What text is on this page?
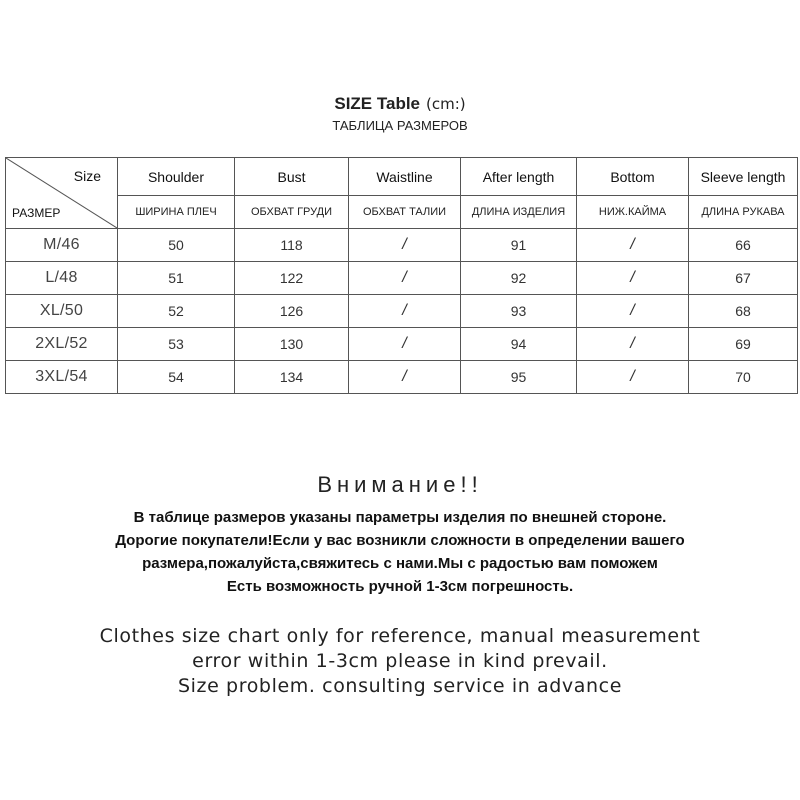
SIZE Table (cm:)
ТАБЛИЦА РАЗМЕРОВ
Size
РАЗМЕР	Shoulder	Bust	Waistline	After length	Bottom	Sleeve length
	ШИРИНА ПЛЕЧ	ОБХВАТ ГРУДИ	ОБХВАТ ТАЛИИ	ДЛИНА ИЗДЕЛИЯ	НИЖ.КАЙМА	ДЛИНА РУКАВА
M/46	50	118	/	91	/	66
L/48	51	122	/	92	/	67
XL/50	52	126	/	93	/	68
2XL/52	53	130	/	94	/	69
3XL/54	54	134	/	95	/	70
Внимание!!
В таблице размеров указаны параметры изделия по внешней стороне.
Дорогие покупатели!Если у вас возникли сложности в определении вашего
размера,пожалуйста,свяжитесь с нами.Мы с радостью вам поможем
Есть возможность ручной 1-3см погрешность.
Clothes size chart only for reference, manual measurement
error within 1-3cm please in kind prevail.
Size problem. consulting service in advance
